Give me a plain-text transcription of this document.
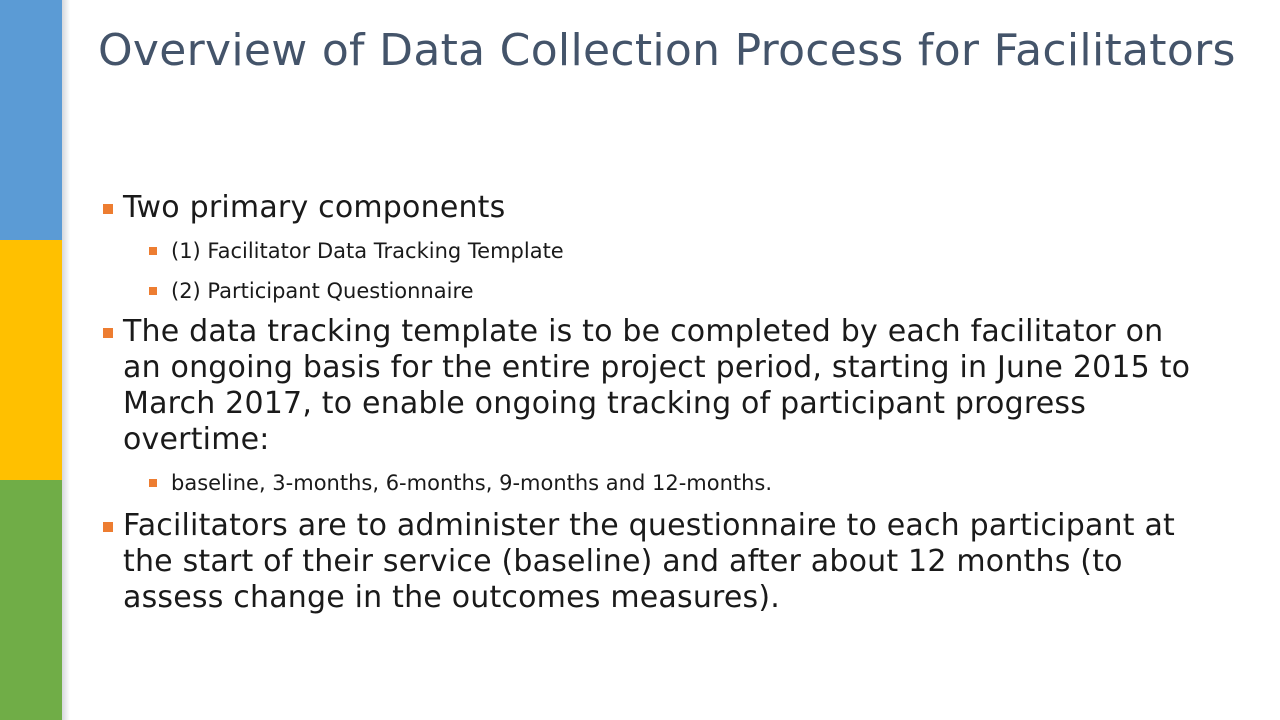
Overview of Data Collection Process for Facilitators
Two primary components
(1) Facilitator Data Tracking Template
(2) Participant Questionnaire
The data tracking template is to be completed by each facilitator on an ongoing basis for the entire project period, starting in June 2015 to March 2017, to enable ongoing tracking of participant progress overtime:
baseline, 3-months, 6-months, 9-months and 12-months.
Facilitators are to administer the questionnaire to each participant at the start of their service (baseline) and after about 12 months (to assess change in the outcomes measures).
